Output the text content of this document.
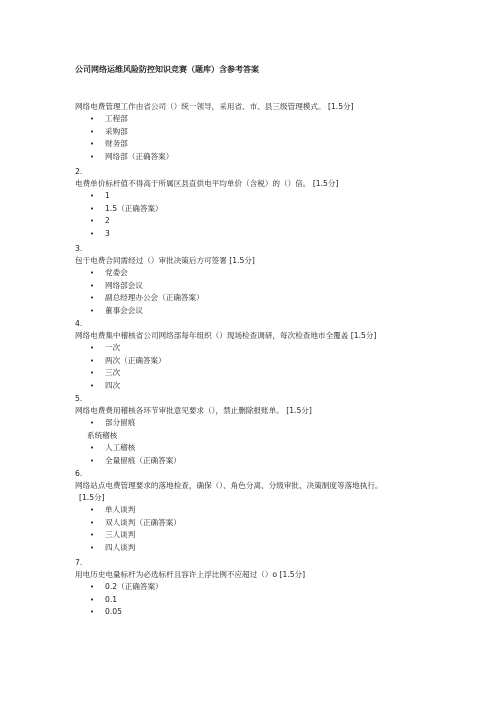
公司网络运维风险防控知识竞赛（题库）含参考答案
网络电费管理工作由省公司（）统一领导，采用省、市、县三级管理模式。 [1.5分]
• 工程部
• 采购部
• 财务部
• 网络部（正确答案）
2.
电费单价标杆值不得高于所属区县直供电平均单价（含税）的（）倍。 [1.5分]
• 1
• 1.5（正确答案）
• 2
• 3
3.
包干电费合同需经过（）审批决策后方可签署 [1.5分]
• 党委会
• 网络部会议
• 副总经理办公会（正确答案）
• 董事会会议
4.
网络电费集中稽核省公司网络部每年组织（）现场检查调研，每次检查地市全覆盖 [1.5分]
• 一次
• 两次（正确答案）
• 三次
• 四次
5.
网络电费费用稽核各环节审批意见要求（），禁止删除报账单。 [1.5分]
• 部分留痕
系统稽核
• 人工稽核
• 全量留痕（正确答案）
6.
网络站点电费管理要求的落地检查，确保（）、角色分离、分级审批、决策制度等落地执行。
[1.5分]
• 单人谈判
• 双人谈判（正确答案）
• 三人谈判
• 四人谈判
7.
用电历史电量标杆为必选标杆且容许上浮比例不应超过（）o [1.5分]
• 0.2（正确答案）
• 0.1
• 0.05
